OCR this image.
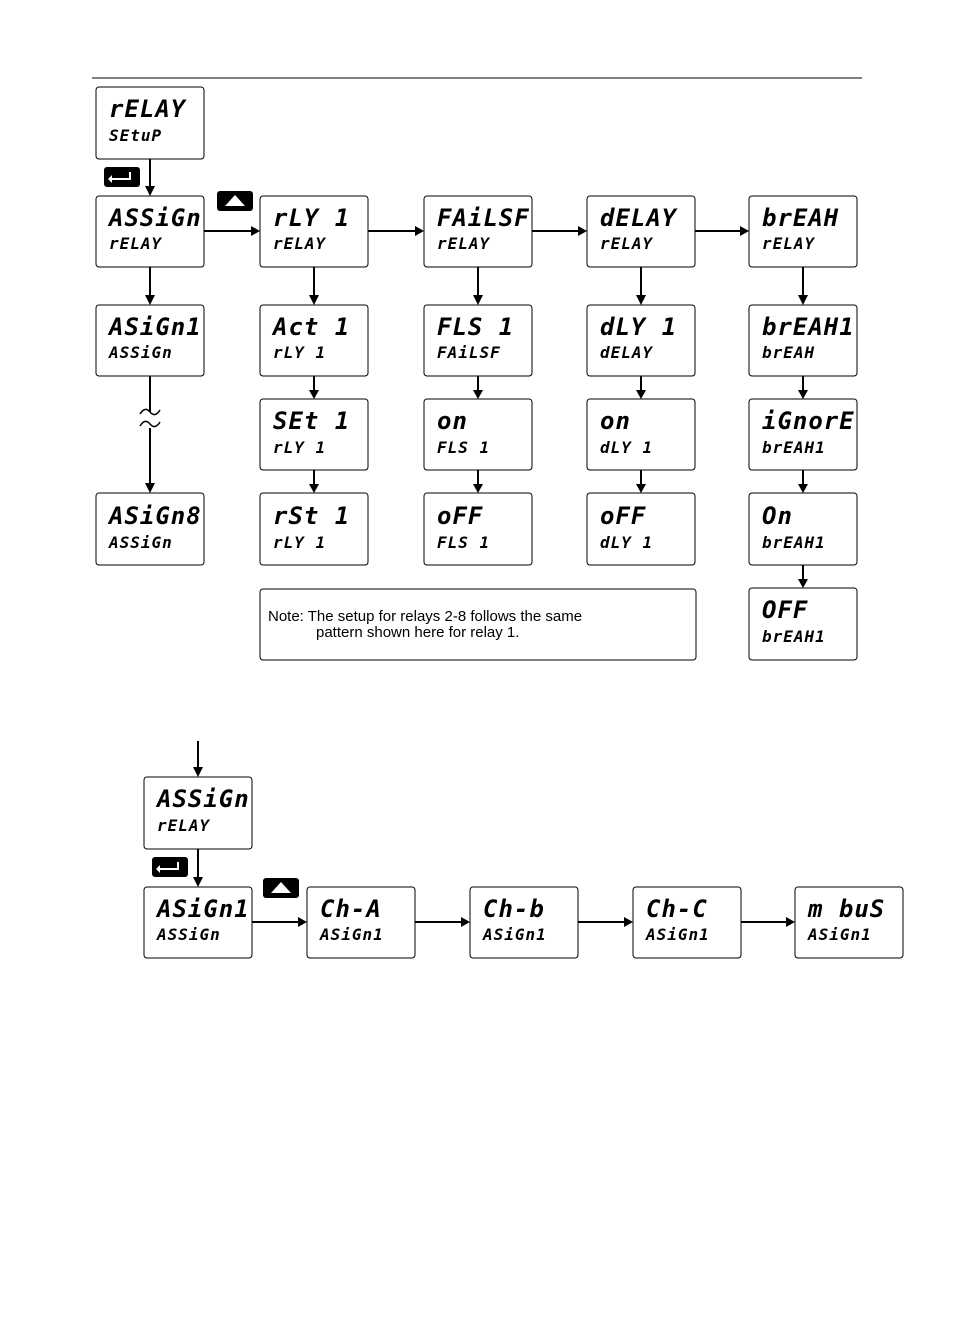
rELAY
SEtuP
ASSiGn
rELAY
ASiGn1
ASSiGn
ASiGn8
ASSiGn
rLY 1
rELAY
Act 1
rLY 1
SEt 1
rLY 1
rSt 1
rLY 1
FAiLSF
rELAY
FLS 1
FAiLSF
on
FLS 1
oFF
FLS 1
dELAY
rELAY
dLY 1
dELAY
on
dLY 1
oFF
dLY 1
brEAH
rELAY
brEAH1
brEAH
iGnorE
brEAH1
On
brEAH1
OFF
brEAH1
Note: The setup for relays 2-8 follows the same
pattern shown here for relay 1.
ASSiGn
rELAY
ASiGn1
ASSiGn
Ch-A
ASiGn1
Ch-b
ASiGn1
Ch-C
ASiGn1
m buS
ASiGn1
